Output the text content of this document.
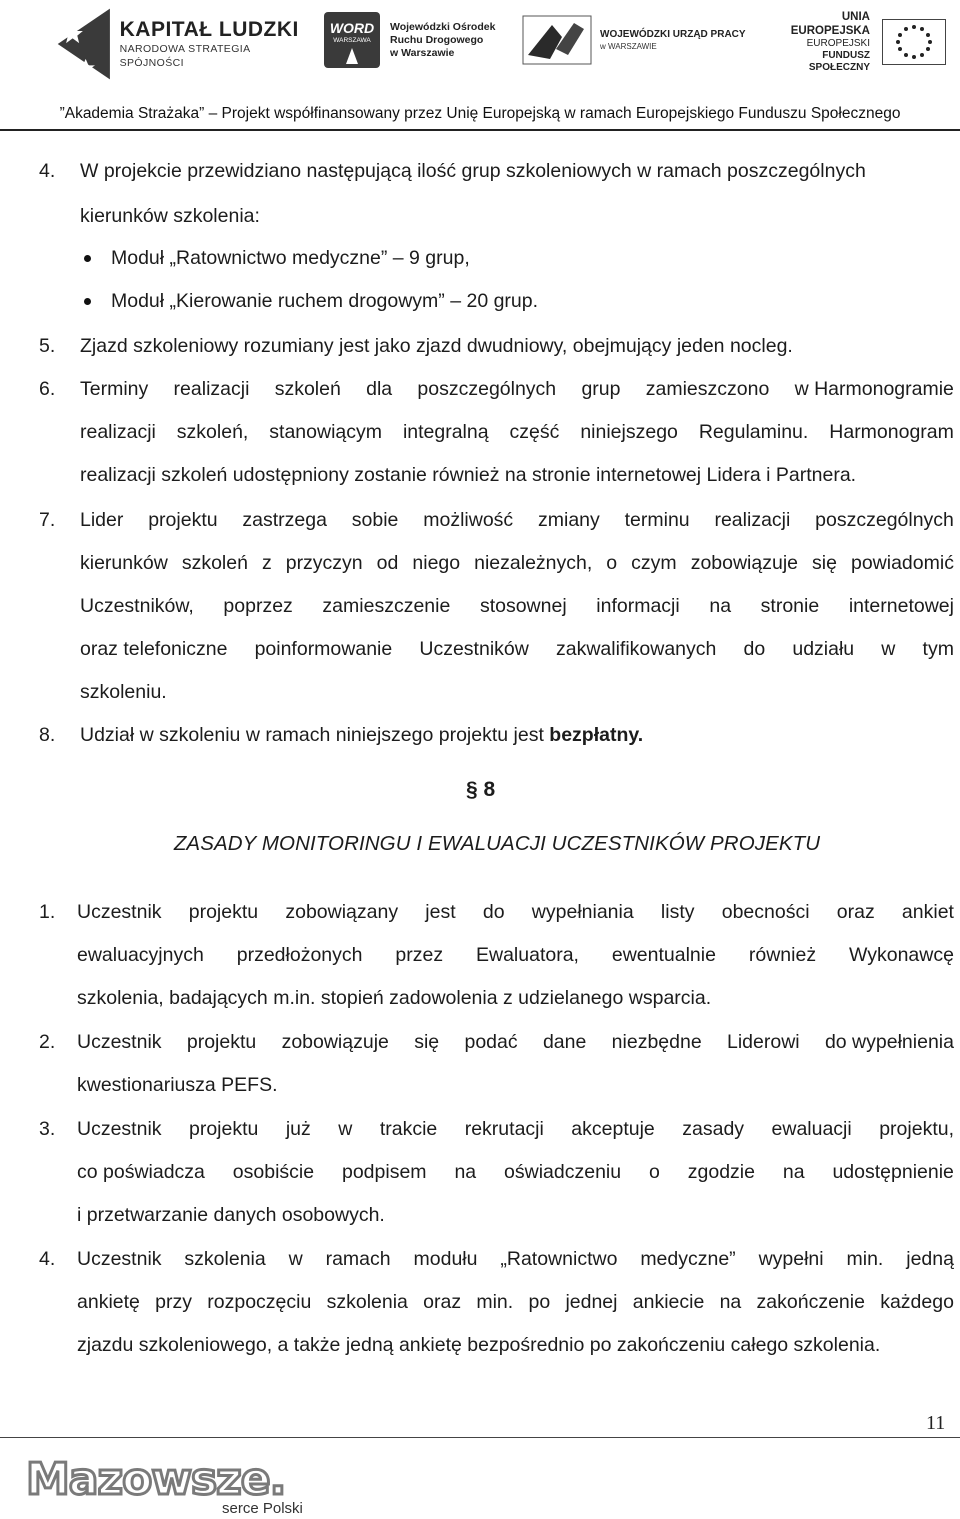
KAPITAŁ LUDZKI
NARODOWA STRATEGIA SPÓJNOŚCI
WORD
WARSZAWA
Wojewódzki Ośrodek
Ruchu Drogowego
w Warszawie
WOJEWÓDZKI URZĄD PRACY
w WARSZAWIE
UNIA EUROPEJSKA
EUROPEJSKI
FUNDUSZ SPOŁECZNY
”Akademia Strażaka” – Projekt współfinansowany przez Unię Europejską w ramach Europejskiego Funduszu Społecznego
4. W projekcie przewidziano następującą ilość grup szkoleniowych w ramach poszczególnych
kierunków szkolenia:
Moduł „Ratownictwo medyczne” – 9 grup,
Moduł „Kierowanie ruchem drogowym” – 20 grup.
5. Zjazd szkoleniowy rozumiany jest jako zjazd dwudniowy, obejmujący jeden nocleg.
6. Terminy realizacji szkoleń dla poszczególnych grup zamieszczono w Harmonogramie
realizacji szkoleń, stanowiącym integralną część niniejszego Regulaminu. Harmonogram
realizacji szkoleń udostępniony zostanie również na stronie internetowej Lidera i Partnera.
7. Lider projektu zastrzega sobie możliwość zmiany terminu realizacji poszczególnych
kierunków szkoleń z przyczyn od niego niezależnych, o czym zobowiązuje się powiadomić
Uczestników, poprzez zamieszczenie stosownej informacji na stronie internetowej
oraz telefoniczne poinformowanie Uczestników zakwalifikowanych do udziału w tym
szkoleniu.
8. Udział w szkoleniu w ramach niniejszego projektu jest bezpłatny.
§ 8
ZASADY MONITORINGU I EWALUACJI UCZESTNIKÓW PROJEKTU
1. Uczestnik projektu zobowiązany jest do wypełniania listy obecności oraz ankiet
ewaluacyjnych przedłożonych przez Ewaluatora, ewentualnie również Wykonawcę
szkolenia, badających m.in. stopień zadowolenia z udzielanego wsparcia.
2. Uczestnik projektu zobowiązuje się podać dane niezbędne Liderowi do wypełnienia
kwestionariusza PEFS.
3. Uczestnik projektu już w trakcie rekrutacji akceptuje zasady ewaluacji projektu,
co poświadcza osobiście podpisem na oświadczeniu o zgodzie na udostępnienie
i przetwarzanie danych osobowych.
4. Uczestnik szkolenia w ramach modułu „Ratownictwo medyczne” wypełni min. jedną
ankietę przy rozpoczęciu szkolenia oraz min. po jednej ankiecie na zakończenie każdego
zjazdu szkoleniowego, a także jedną ankietę bezpośrednio po zakończeniu całego szkolenia.
11
Mazowsze.
serce Polski
